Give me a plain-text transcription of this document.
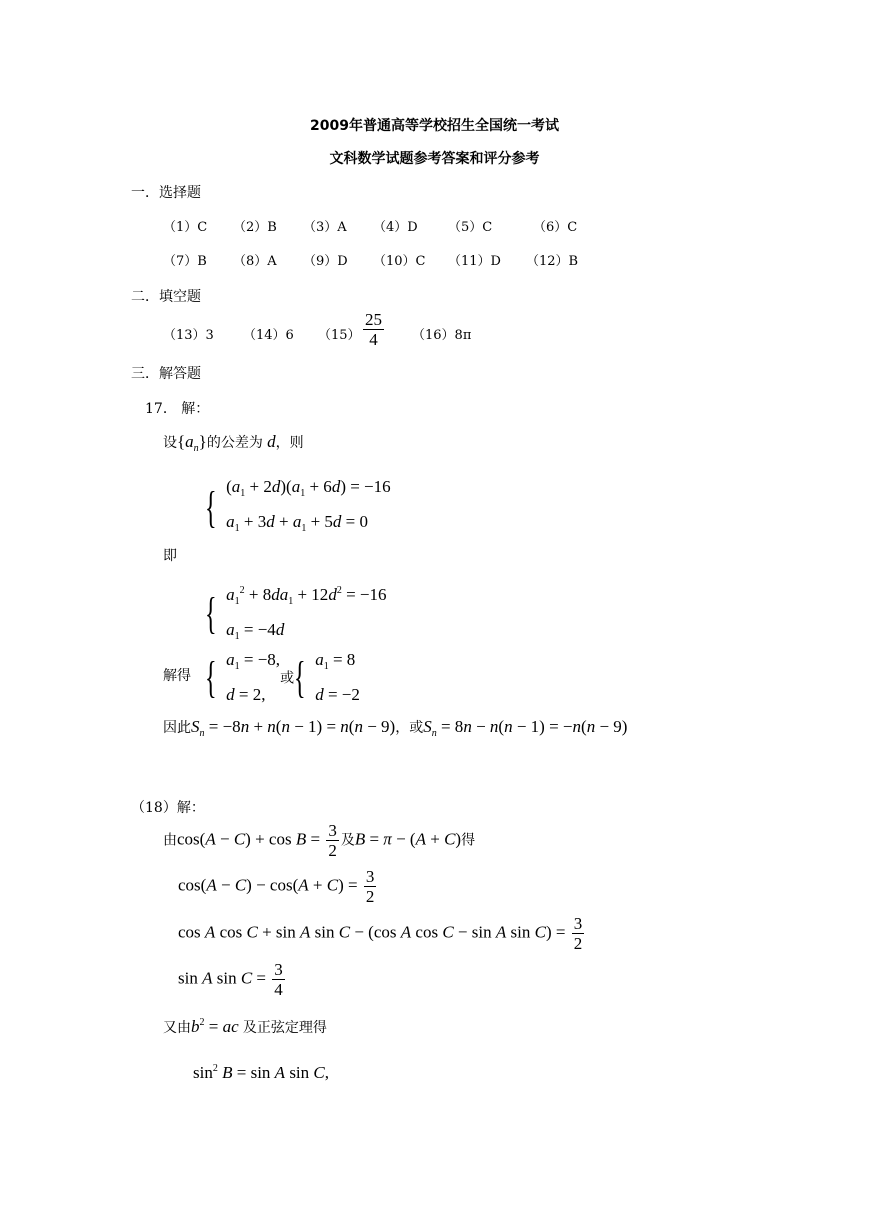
2009年普通高等学校招生全国统一考试
文科数学试题参考答案和评分参考
一．选择题
（1）C （2）B （3）A （4）D （5）C	（6）C
（7）B （8）A （9）D （10）C （11）D （12）B
二．填空题
（13）3 （14）6 $(15) \frac{25}{4} (16)8\pi$
三．解答题
17． 解：
设$\{a_n\}$的公差为 d，则
{ $(a_1 + 2d)(a_1 + 6d) = -16$
$a_1 + 3d + a_1 + 5d = 0$
即
{ $a_1^2 + 8da_1 + 12d^2 = -16$
$a_1 = -4d$
解得 { $a_1 = -8$,
d = 2,
或{ $a_1 = 8$
d = −2
因此$S_n = -8n + n(n - 1) = n(n - 9)$，或$S_n = 8n - n(n - 1) = -n(n - 9)$
（18）解：
由$\cos(A - C) + \cos B = \frac{3}{2}$ 及B = π − (A + C)得
$\cos(A - C) - \cos(A + C) = \frac{3}{2}$
cos A cos C + sin A sin C − (cos A cos C − sin A $\sin C) = \frac{3}{2}$
sin A $\sin C = \frac{3}{4}$
又由$b^2$ = ac 及正弦定理得
$\sin^2 B = \sin A$ sin C,
